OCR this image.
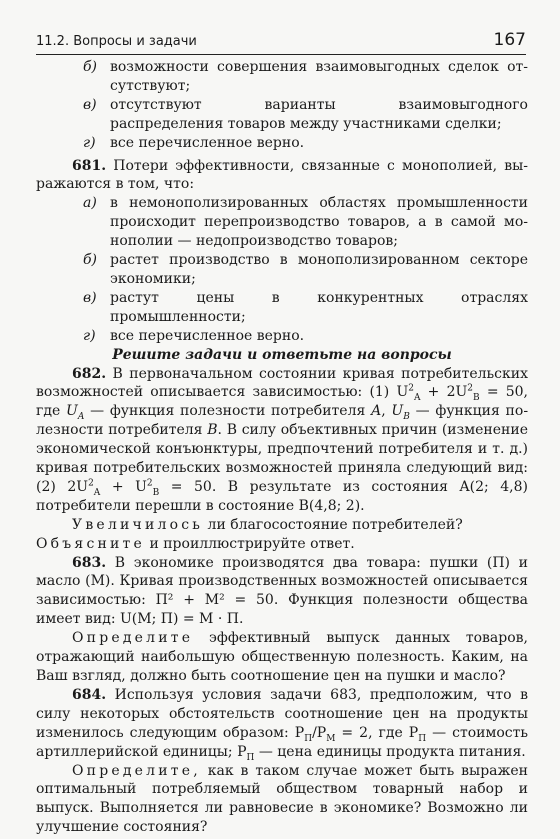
11.2. Вопросы и задачи	167

б) возможности совершения взаимовыгодных сделок отсутствуют;

в) отсутствуют варианты взаимовыгодного распределения товаров между участниками сделки;

г) все перечисленное верно.

681. Потери эффективности, связанные с монополией, выражаются в том, что:

а) в немонополизированных областях промышленности происходит перепроизводство товаров, а в самой монополии — недопроизводство товаров;

б) растет производство в монополизированном секторе экономики;

в) растут цены в конкурентных отраслях промышленности;

г) все перечисленное верно.

Решите задачи и ответьте на вопросы

682. В первоначальном состоянии кривая потребительских возможностей описывается зависимостью: (1) $U^2_A + 2U^2_B = 50$, где $U_A$ — функция полезности потребителя A, $U_B$ — функция полезности потребителя B. В силу объективных причин (изменение экономической конъюнктуры, предпочтений потребителя и т. д.) кривая потребительских возможностей приняла следующий вид: (2) $2U^2_A + U^2_B = 50$. В результате из состояния A(2; 4,8) потребители перешли в состояние B(4,8; 2).

Увеличилось ли благосостояние потребителей?

Объясните и проиллюстрируйте ответ.

683. В экономике производятся два товара: пушки (П) и масло (М). Кривая производственных возможностей описывается зависимостью: П² + М² = 50. Функция полезности общества имеет вид: U(М; П) = М · П.

Определите эффективный выпуск данных товаров, отражающий наибольшую общественную полезность. Каким, на Ваш взгляд, должно быть соотношение цен на пушки и масло?

684. Используя условия задачи 683, предположим, что в силу некоторых обстоятельств соотношение цен на продукты изменилось следующим образом: $P_П/P_М = 2$, где $P_П$ — стоимость артиллерийской единицы; $P_П$ — цена единицы продукта питания.

Определите, как в таком случае может быть выражен оптимальный потребляемый обществом товарный набор и выпуск. Выполняется ли равновесие в экономике? Возможно ли улучшение состояния?
